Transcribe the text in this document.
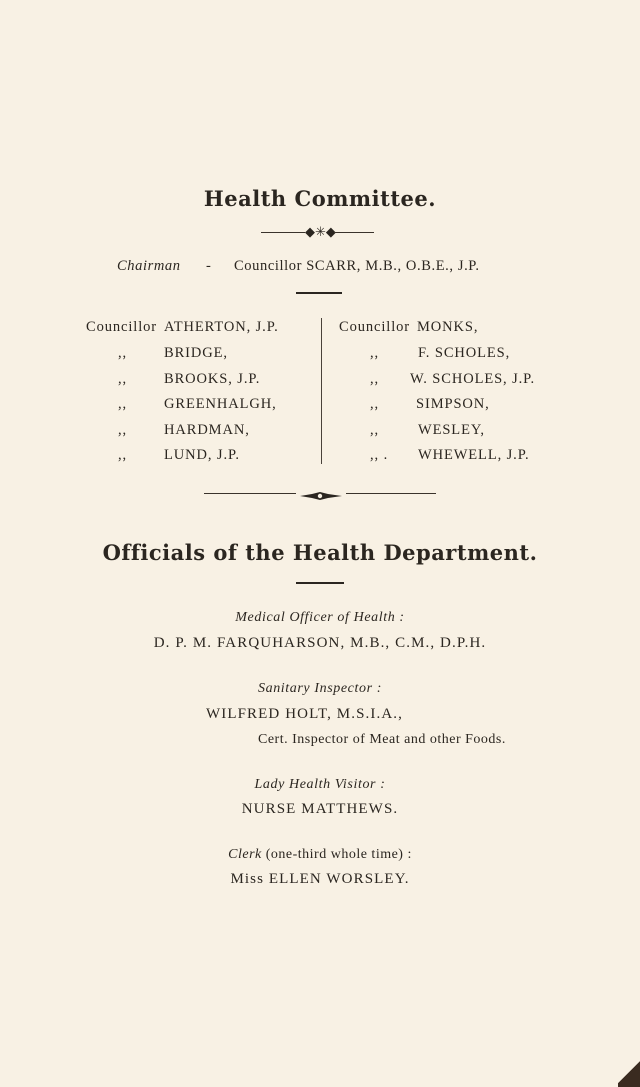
Health Committee.
◆✳◆
Chairman - Councillor SCARR, M.B., O.B.E., J.P.
Councillor ATHERTON, J.P.
,,	BRIDGE,
,,	BROOKS, J.P.
,,	GREENHALGH,
,,	HARDMAN,
,,	LUND, J.P.
Councillor MONKS,
,,	F. SCHOLES,
,, W. SCHOLES, J.P.
,,	SIMPSON,
,,	WESLEY,
,, . WHEWELL, J.P.
Officials of the Health Department.
Medical Officer of Health :
D. P. M. FARQUHARSON, M.B., C.M., D.P.H.
Sanitary Inspector :
WILFRED HOLT, M.S.I.A.,
Cert. Inspector of Meat and other Foods.
Lady Health Visitor :
NURSE MATTHEWS.
Clerk (one-third whole time) :
Miss ELLEN WORSLEY.
